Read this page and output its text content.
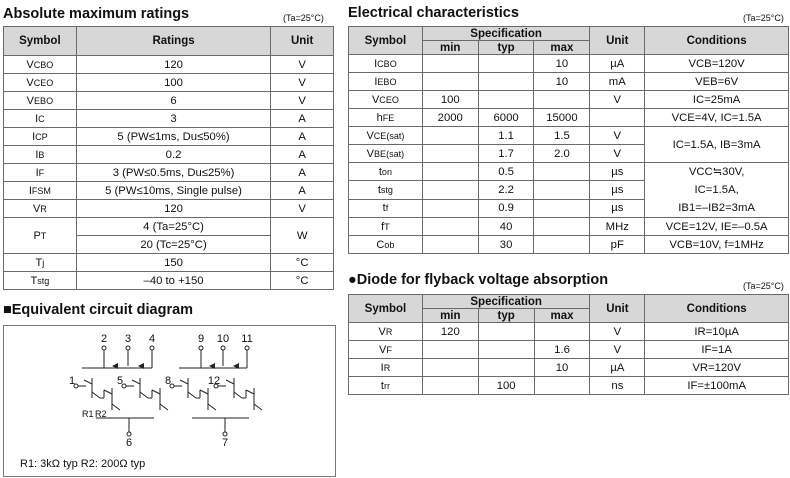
Absolute maximum ratings	(Ta=25°C) Electrical characteristics	(Ta=25°C)
●Diode for flyback voltage absorption	(Ta=25°C)
■Equivalent circuit diagram
Symbol	Ratings	Unit
VCBO	120	V
VCEO	100	V
VEBO	6	V
IC	3	A
ICP	5 (PW≤1ms, Du≤50%)	A
IB	0.2	A
IF	3 (PW≤0.5ms, Du≤25%)	A
IFSM	5 (PW≤10ms, Single pulse)	A
VR	120	V
PT	4 (Ta=25°C)	W
	20 (Tc=25°C)	
Tj	150	°C
Tstg	–40 to +150	°C
Symbol	Specification			Unit	Conditions
	min	typ	max		
ICBO			10	µA	VCB=120V
IEBO			10	mA	VEB=6V
VCEO	100			V	IC=25mA
hFE	2000	6000	15000		VCE=4V, IC=1.5A
VCE(sat)		1.1	1.5	V	IC=1.5A, IB=3mA
VBE(sat)		1.7	2.0	V	
ton		0.5		µs	VCC≒30V,
IC=1.5A,
IB1=–IB2=3mA

tstg		2.2		µs	
tf		0.9		µs	
fT		40		MHz	VCE=12V, IE=–0.5A
Cob		30		pF	VCB=10V, f=1MHz
Symbol	Specification			Unit	Conditions
	min	typ	max		
VR	120			V	IR=10µA
VF			1.6	V	IF=1A
IR			10	µA	VR=120V
trr		100		ns	IF=±100mA
1
2 3 4
5
6	7
8
9 10 11
12
R1 R2
R1: 3kΩ typ R2: 200Ω typ
